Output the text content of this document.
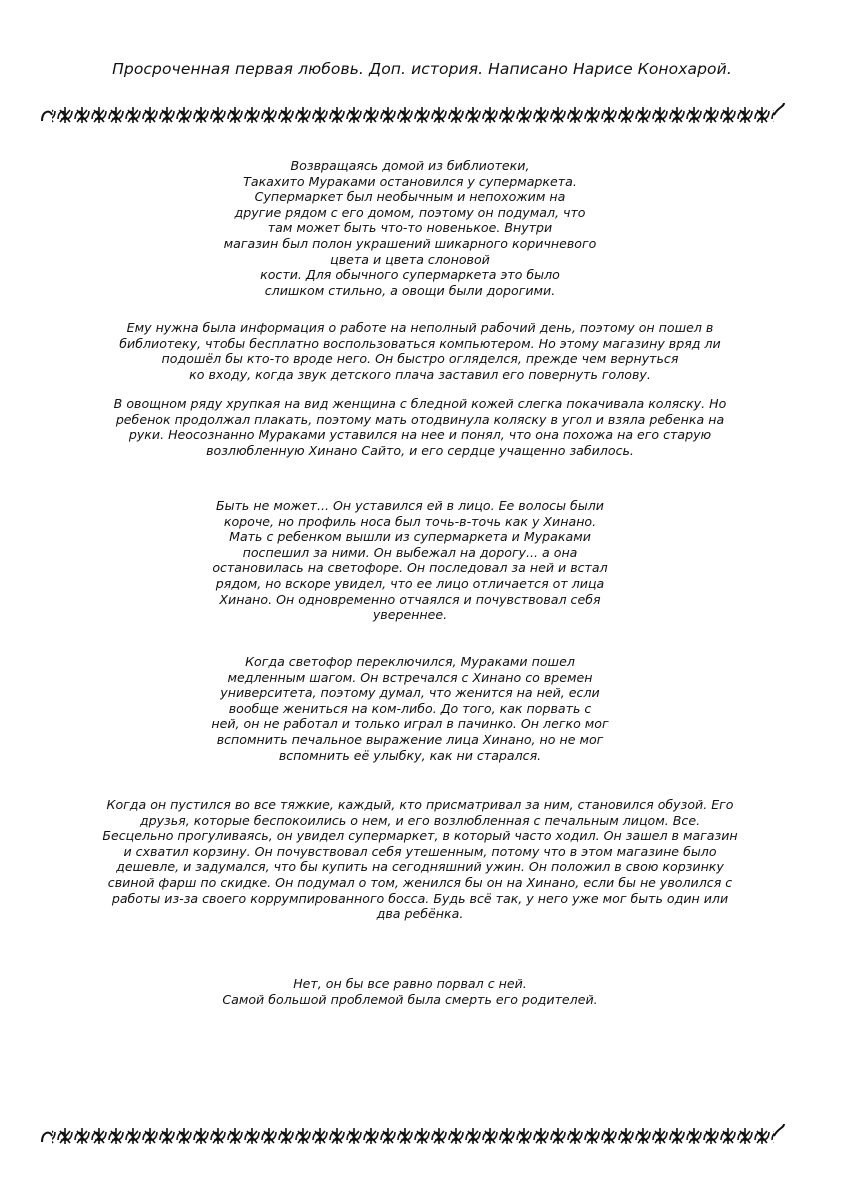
Просроченная первая любовь. Доп. история. Написано Нарисе Конохарой.
Возвращаясь домой из библиотеки,
Такахито Мураками остановился у супермаркета.
Супермаркет был необычным и непохожим на
другие рядом с его домом, поэтому он подумал, что
там может быть что-то новенькое. Внутри
магазин был полон украшений шикарного коричневого
цвета и цвета слоновой
кости. Для обычного супермаркета это было
слишком стильно, а овощи были дорогими.
Ему нужна была информация о работе на неполный рабочий день, поэтому он пошел в
библиотеку, чтобы бесплатно воспользоваться компьютером. Но этому магазину вряд ли
подошёл бы кто-то вроде него. Он быстро огляделся, прежде чем вернуться
ко входу, когда звук детского плача заставил его повернуть голову.
В овощном ряду хрупкая на вид женщина с бледной кожей слегка покачивала коляску. Но
ребенок продолжал плакать, поэтому мать отодвинула коляску в угол и взяла ребенка на
руки. Неосознанно Мураками уставился на нее и понял, что она похожа на его старую
возлюбленную Хинано Сайто, и его сердце учащенно забилось.
Быть не может... Он уставился ей в лицо. Ее волосы были
короче, но профиль носа был точь-в-точь как у Хинано.
Мать с ребенком вышли из супермаркета и Мураками
поспешил за ними. Он выбежал на дорогу... а она
остановилась на светофоре. Он последовал за ней и встал
рядом, но вскоре увидел, что ее лицо отличается от лица
Хинано. Он одновременно отчаялся и почувствовал себя
увереннее.
Когда светофор переключился, Мураками пошел
медленным шагом. Он встречался с Хинано со времен
университета, поэтому думал, что женится на ней, если
вообще жениться на ком-либо. До того, как порвать с
ней, он не работал и только играл в пачинко. Он легко мог
вспомнить печальное выражение лица Хинано, но не мог
вспомнить её улыбку, как ни старался.
Когда он пустился во все тяжкие, каждый, кто присматривал за ним, становился обузой. Его
друзья, которые беспокоились о нем, и его возлюбленная с печальным лицом. Все.
Бесцельно прогуливаясь, он увидел супермаркет, в который часто ходил. Он зашел в магазин
и схватил корзину. Он почувствовал себя утешенным, потому что в этом магазине было
дешевле, и задумался, что бы купить на сегодняшний ужин. Он положил в свою корзинку
свиной фарш по скидке. Он подумал о том, женился бы он на Хинано, если бы не уволился с
работы из-за своего коррумпированного босса. Будь всё так, у него уже мог быть один или
два ребёнка.
Нет, он бы все равно порвал с ней.
Самой большой проблемой была смерть его родителей.
